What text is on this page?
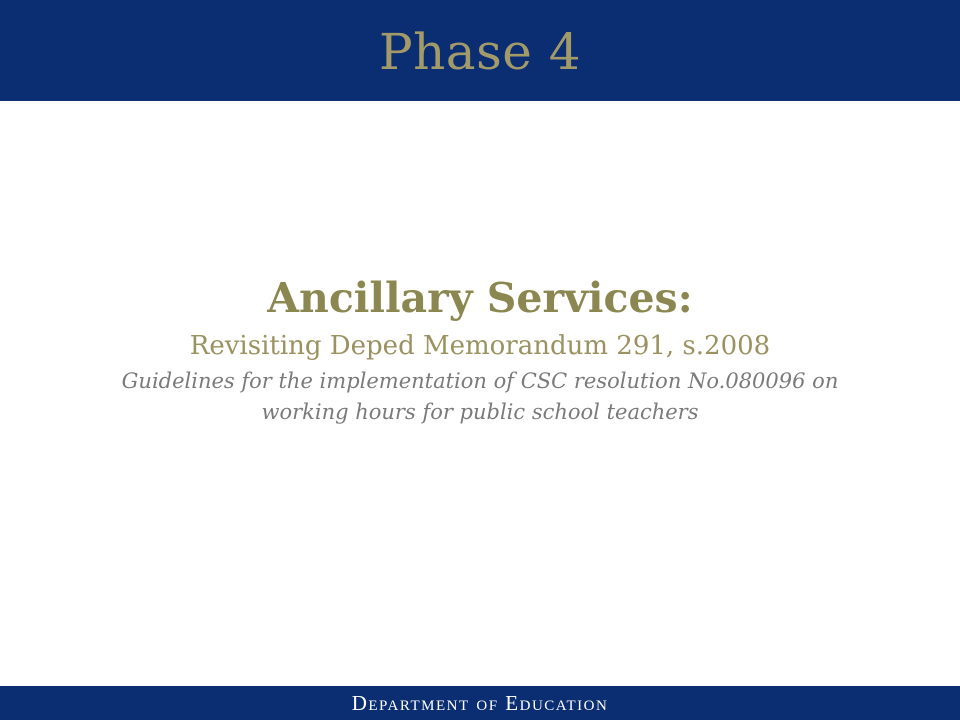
Phase 4
Ancillary Services:
Revisiting Deped Memorandum 291, s.2008
Guidelines for the implementation of CSC resolution No.080096 on working hours for public school teachers
Department of Education
